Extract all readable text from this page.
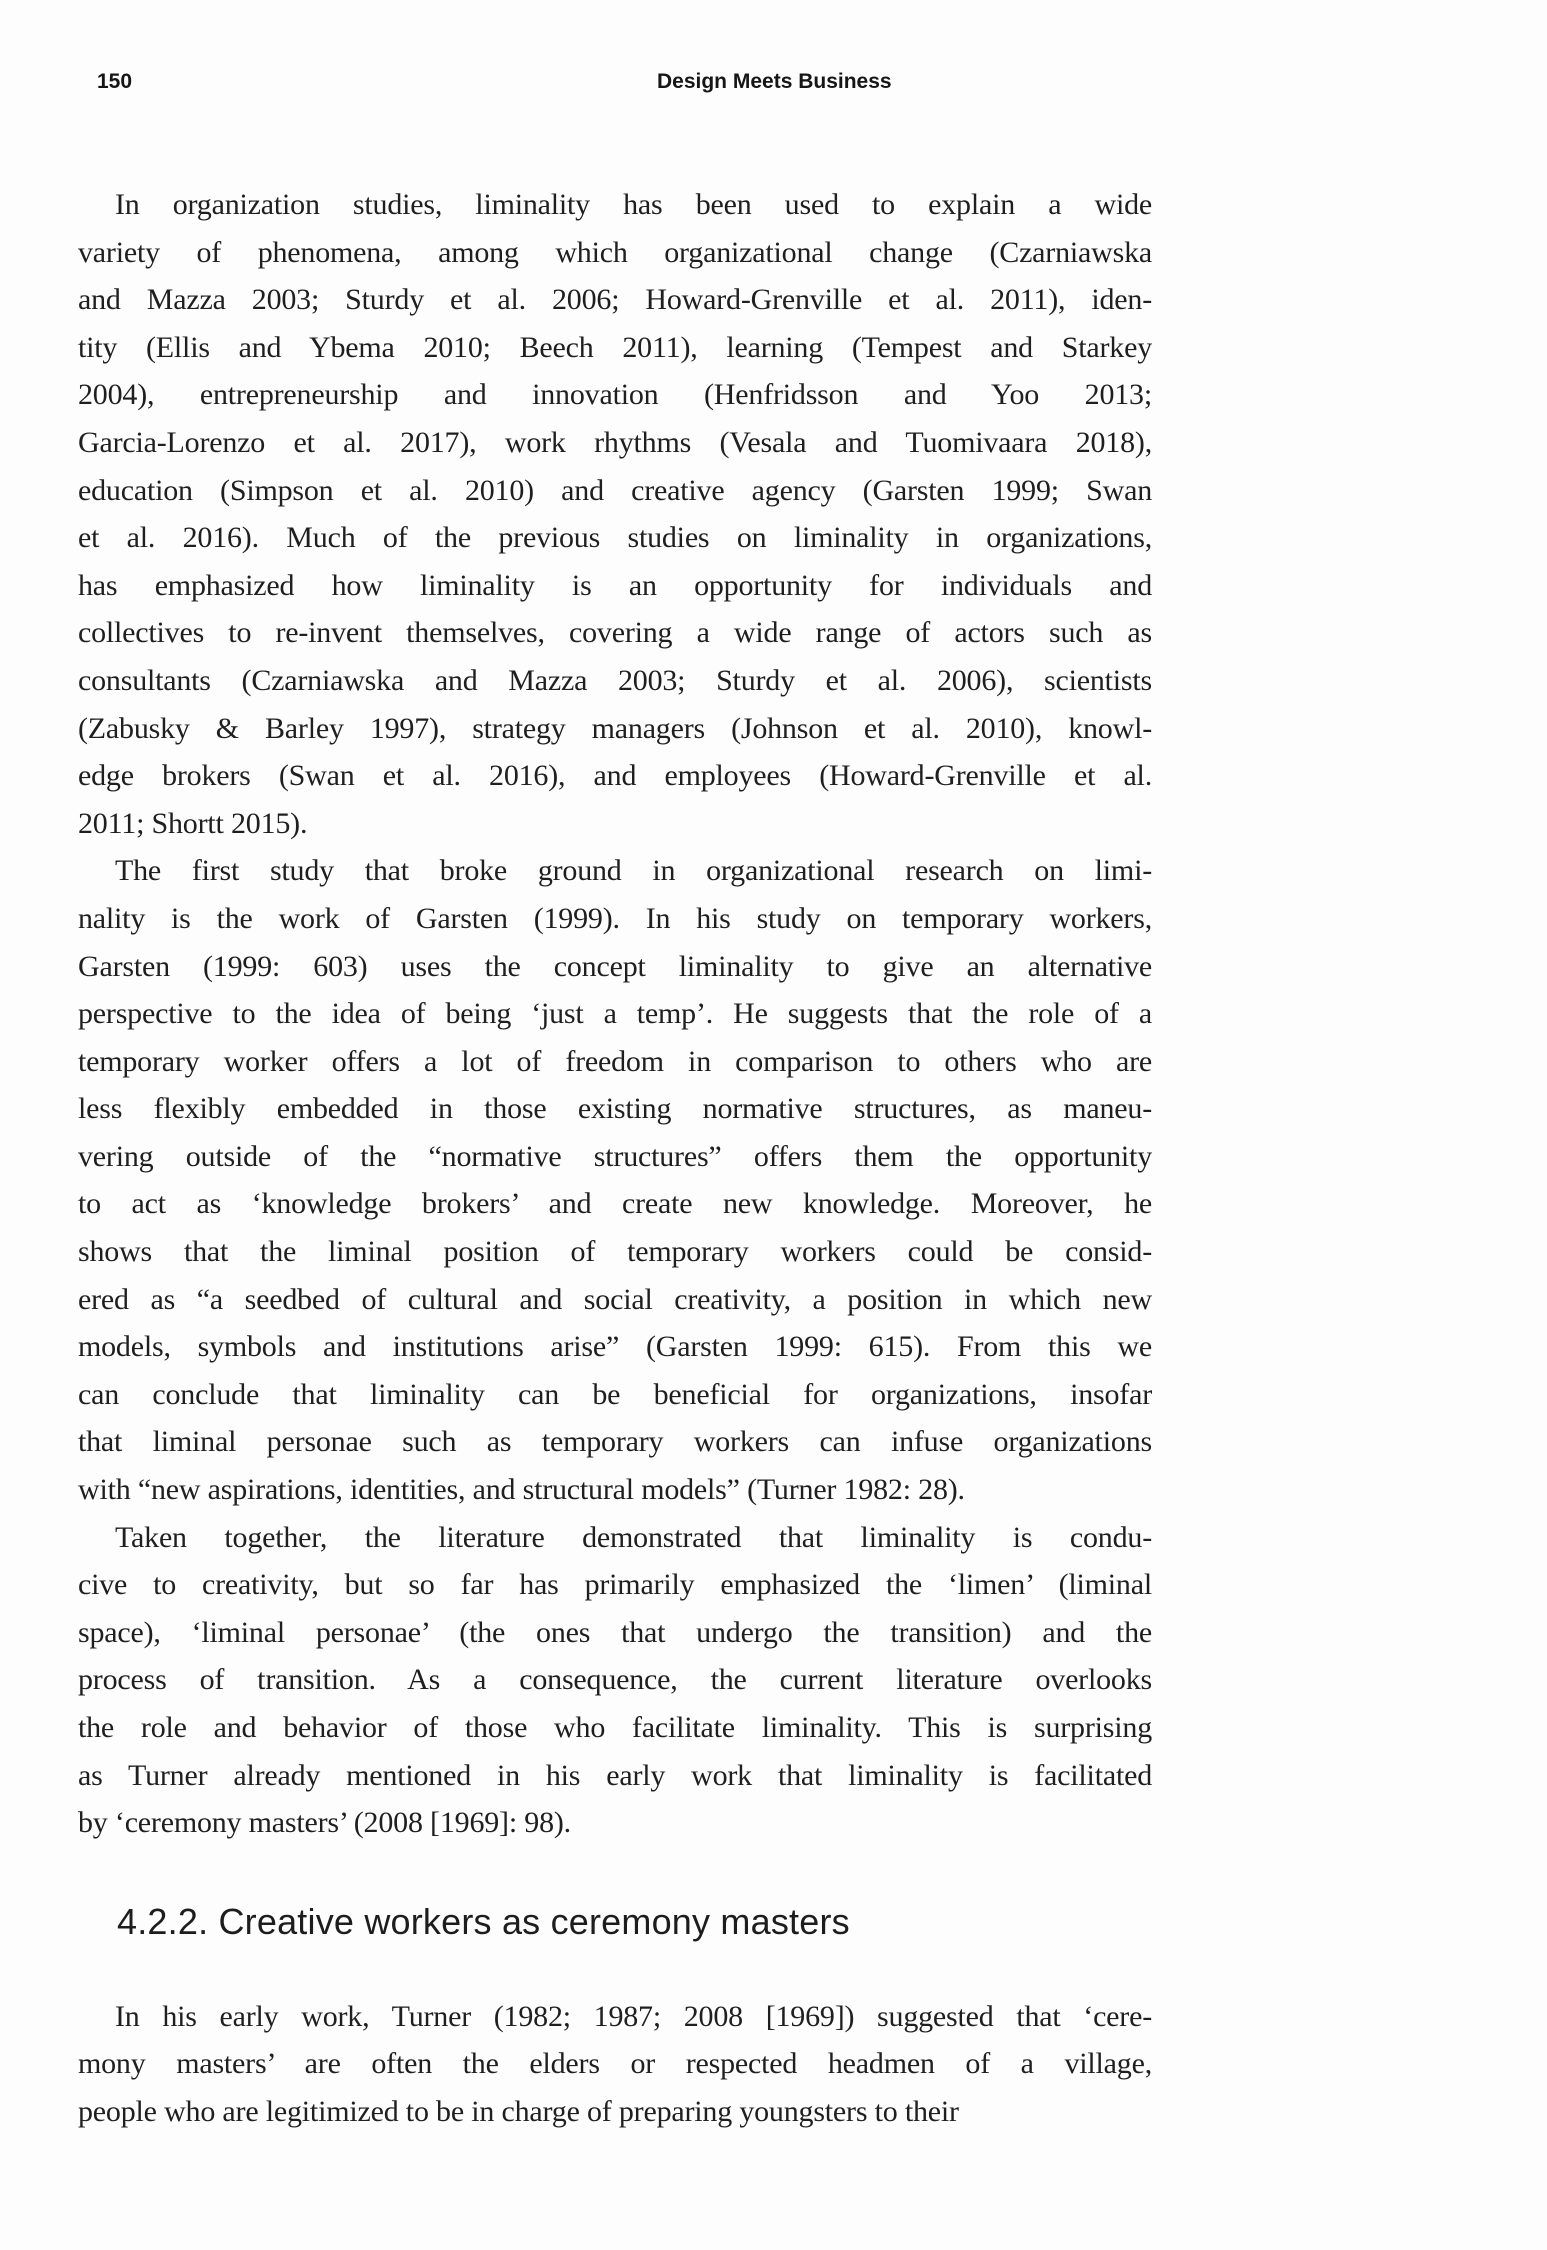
150	Design Meets Business
In organization studies, liminality has been used to explain a wide
variety of phenomena, among which organizational change (Czarniawska
and Mazza 2003; Sturdy et al. 2006; Howard-Grenville et al. 2011), iden-
tity (Ellis and Ybema 2010; Beech 2011), learning (Tempest and Starkey
2004), entrepreneurship and innovation (Henfridsson and Yoo 2013;
Garcia-Lorenzo et al. 2017), work rhythms (Vesala and Tuomivaara 2018),
education (Simpson et al. 2010) and creative agency (Garsten 1999; Swan
et al. 2016). Much of the previous studies on liminality in organizations,
has emphasized how liminality is an opportunity for individuals and
collectives to re-invent themselves, covering a wide range of actors such as
consultants (Czarniawska and Mazza 2003; Sturdy et al. 2006), scientists
(Zabusky & Barley 1997), strategy managers (Johnson et al. 2010), knowl-
edge brokers (Swan et al. 2016), and employees (Howard-Grenville et al.
2011; Shortt 2015).
The first study that broke ground in organizational research on limi-
nality is the work of Garsten (1999). In his study on temporary workers,
Garsten (1999: 603) uses the concept liminality to give an alternative
perspective to the idea of being ‘just a temp’. He suggests that the role of a
temporary worker offers a lot of freedom in comparison to others who are
less flexibly embedded in those existing normative structures, as maneu-
vering outside of the “normative structures” offers them the opportunity
to act as ‘knowledge brokers’ and create new knowledge. Moreover, he
shows that the liminal position of temporary workers could be consid-
ered as “a seedbed of cultural and social creativity, a position in which new
models, symbols and institutions arise” (Garsten 1999: 615). From this we
can conclude that liminality can be beneficial for organizations, insofar
that liminal personae such as temporary workers can infuse organizations
with “new aspirations, identities, and structural models” (Turner 1982: 28).
Taken together, the literature demonstrated that liminality is condu-
cive to creativity, but so far has primarily emphasized the ‘limen’ (liminal
space), ‘liminal personae’ (the ones that undergo the transition) and the
process of transition. As a consequence, the current literature overlooks
the role and behavior of those who facilitate liminality. This is surprising
as Turner already mentioned in his early work that liminality is facilitated
by ‘ceremony masters’ (2008 [1969]: 98).
4.2.2. Creative workers as ceremony masters
In his early work, Turner (1982; 1987; 2008 [1969]) suggested that ‘cere-
mony masters’ are often the elders or respected headmen of a village,
people who are legitimized to be in charge of preparing youngsters to their
